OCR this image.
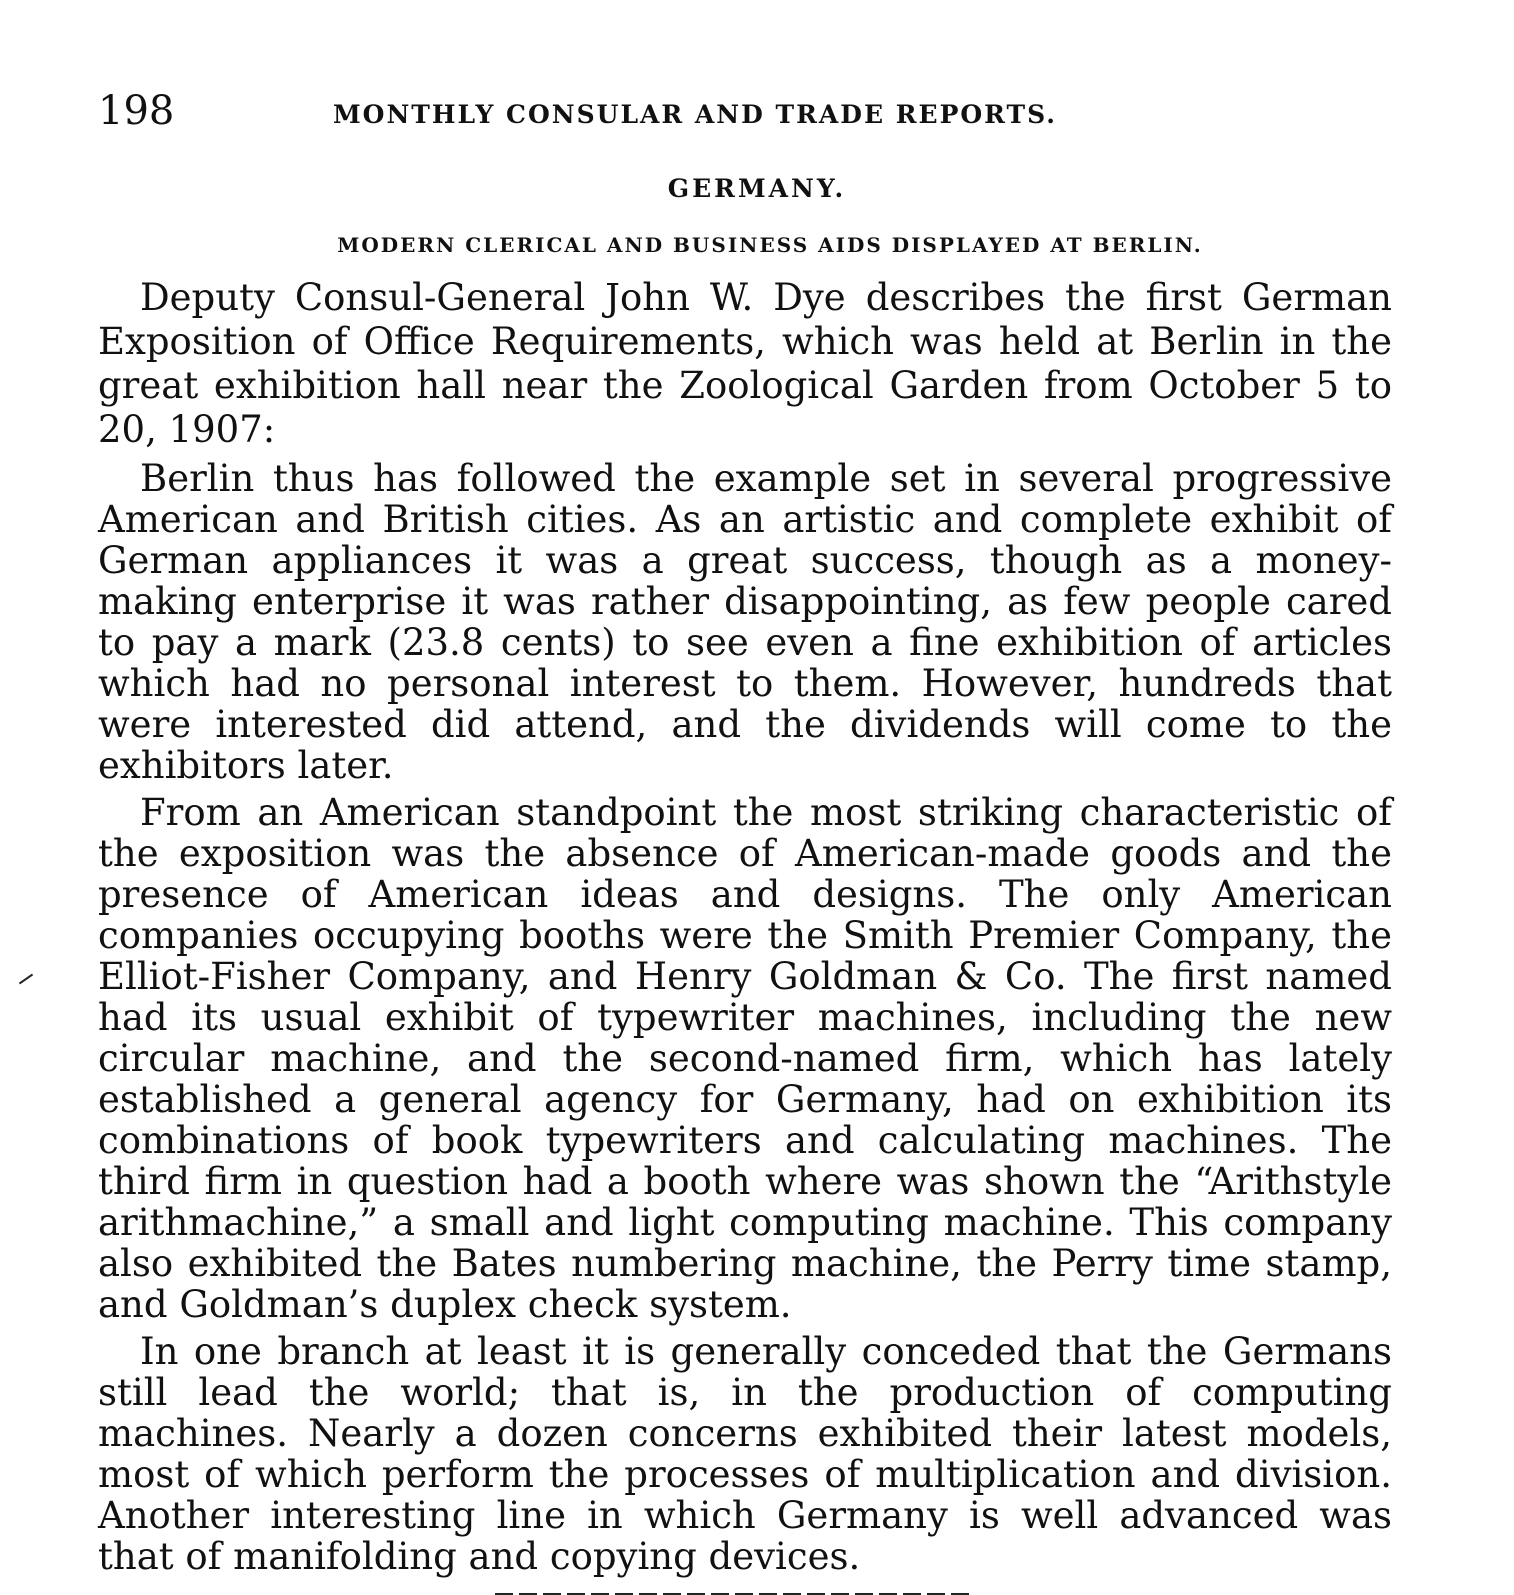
198	MONTHLY CONSULAR AND TRADE REPORTS.
GERMANY.
MODERN CLERICAL AND BUSINESS AIDS DISPLAYED AT BERLIN.

Deputy Consul-General John W. Dye describes the first German Exposition of Office Requirements, which was held at Berlin in the great exhibition hall near the Zoological Garden from October 5 to 20, 1907:

Berlin thus has followed the example set in several progressive American and British cities. As an artistic and complete exhibit of German appliances it was a great success, though as a money-making enterprise it was rather disappointing, as few people cared to pay a mark (23.8 cents) to see even a fine exhibition of articles which had no personal interest to them. However, hundreds that were interested did attend, and the dividends will come to the exhibitors later.

From an American standpoint the most striking characteristic of the exposition was the absence of American-made goods and the presence of American ideas and designs. The only American companies occupying booths were the Smith Premier Company, the Elliot-Fisher Company, and Henry Goldman & Co. The first named had its usual exhibit of typewriter machines, including the new circular machine, and the second-named firm, which has lately established a general agency for Germany, had on exhibition its combinations of book typewriters and calculating machines. The third firm in question had a booth where was shown the “Arithstyle arithmachine,” a small and light computing machine. This company also exhibited the Bates numbering machine, the Perry time stamp, and Goldman’s duplex check system.

In one branch at least it is generally conceded that the Germans still lead the world; that is, in the production of computing machines. Nearly a dozen concerns exhibited their latest models, most of which perform the processes of multiplication and division. Another interesting line in which Germany is well advanced was that of manifolding and copying devices.
